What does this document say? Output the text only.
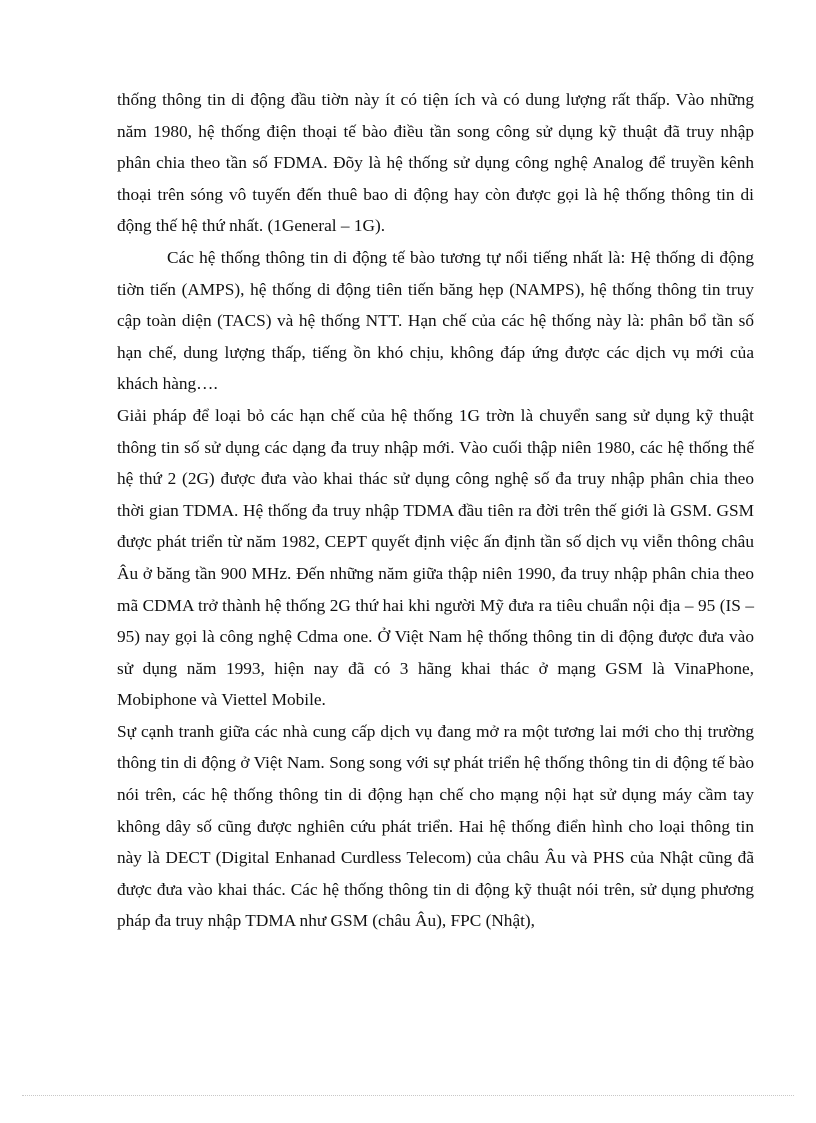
thống thông tin di động đầu tiờn này ít có tiện ích và có dung lượng rất thấp. Vào những năm 1980, hệ thống điện thoại tế bào điều tần song công sử dụng kỹ thuật đã truy nhập phân chia theo tần số FDMA. Đõy là hệ thống sử dụng công nghệ Analog để truyền kênh thoại trên sóng vô tuyến đến thuê bao di động hay còn được gọi là hệ thống thông tin di động thế hệ thứ nhất. (1General – 1G).

Các hệ thống thông tin di động tế bào tương tự nổi tiếng nhất là: Hệ thống di động tiờn tiến (AMPS), hệ thống di động tiên tiến băng hẹp (NAMPS), hệ thống thông tin truy cập toàn diện (TACS) và hệ thống NTT. Hạn chế của các hệ thống này là: phân bổ tần số hạn chế, dung lượng thấp, tiếng ồn khó chịu, không đáp ứng được các dịch vụ mới của khách hàng….

Giải pháp để loại bỏ các hạn chế của hệ thống 1G trờn là chuyển sang sử dụng kỹ thuật thông tin số sử dụng các dạng đa truy nhập mới. Vào cuối thập niên 1980, các hệ thống thế hệ thứ 2 (2G) được đưa vào khai thác sử dụng công nghệ số đa truy nhập phân chia theo thời gian TDMA. Hệ thống đa truy nhập TDMA đầu tiên ra đời trên thế giới là GSM. GSM được phát triển từ năm 1982, CEPT quyết định việc ấn định tần số dịch vụ viễn thông châu Âu ở băng tần 900 MHz. Đến những năm giữa thập niên 1990, đa truy nhập phân chia theo mã CDMA trở thành hệ thống 2G thứ hai khi người Mỹ đưa ra tiêu chuẩn nội địa – 95 (IS – 95) nay gọi là công nghệ Cdma one. Ở Việt Nam hệ thống thông tin di động được đưa vào sử dụng năm 1993, hiện nay đã có 3 hãng khai thác ở mạng GSM là VinaPhone, Mobiphone và Viettel Mobile.

Sự cạnh tranh giữa các nhà cung cấp dịch vụ đang mở ra một tương lai mới cho thị trường thông tin di động ở Việt Nam. Song song với sự phát triển hệ thống thông tin di động tế bào nói trên, các hệ thống thông tin di động hạn chế cho mạng nội hạt sử dụng máy cầm tay không dây số cũng được nghiên cứu phát triển. Hai hệ thống điển hình cho loại thông tin này là DECT (Digital Enhanad Curdless Telecom) của châu Âu và PHS của Nhật cũng đã được đưa vào khai thác. Các hệ thống thông tin di động kỹ thuật nói trên, sử dụng phương pháp đa truy nhập TDMA như GSM (châu Âu), FPC (Nhật),
